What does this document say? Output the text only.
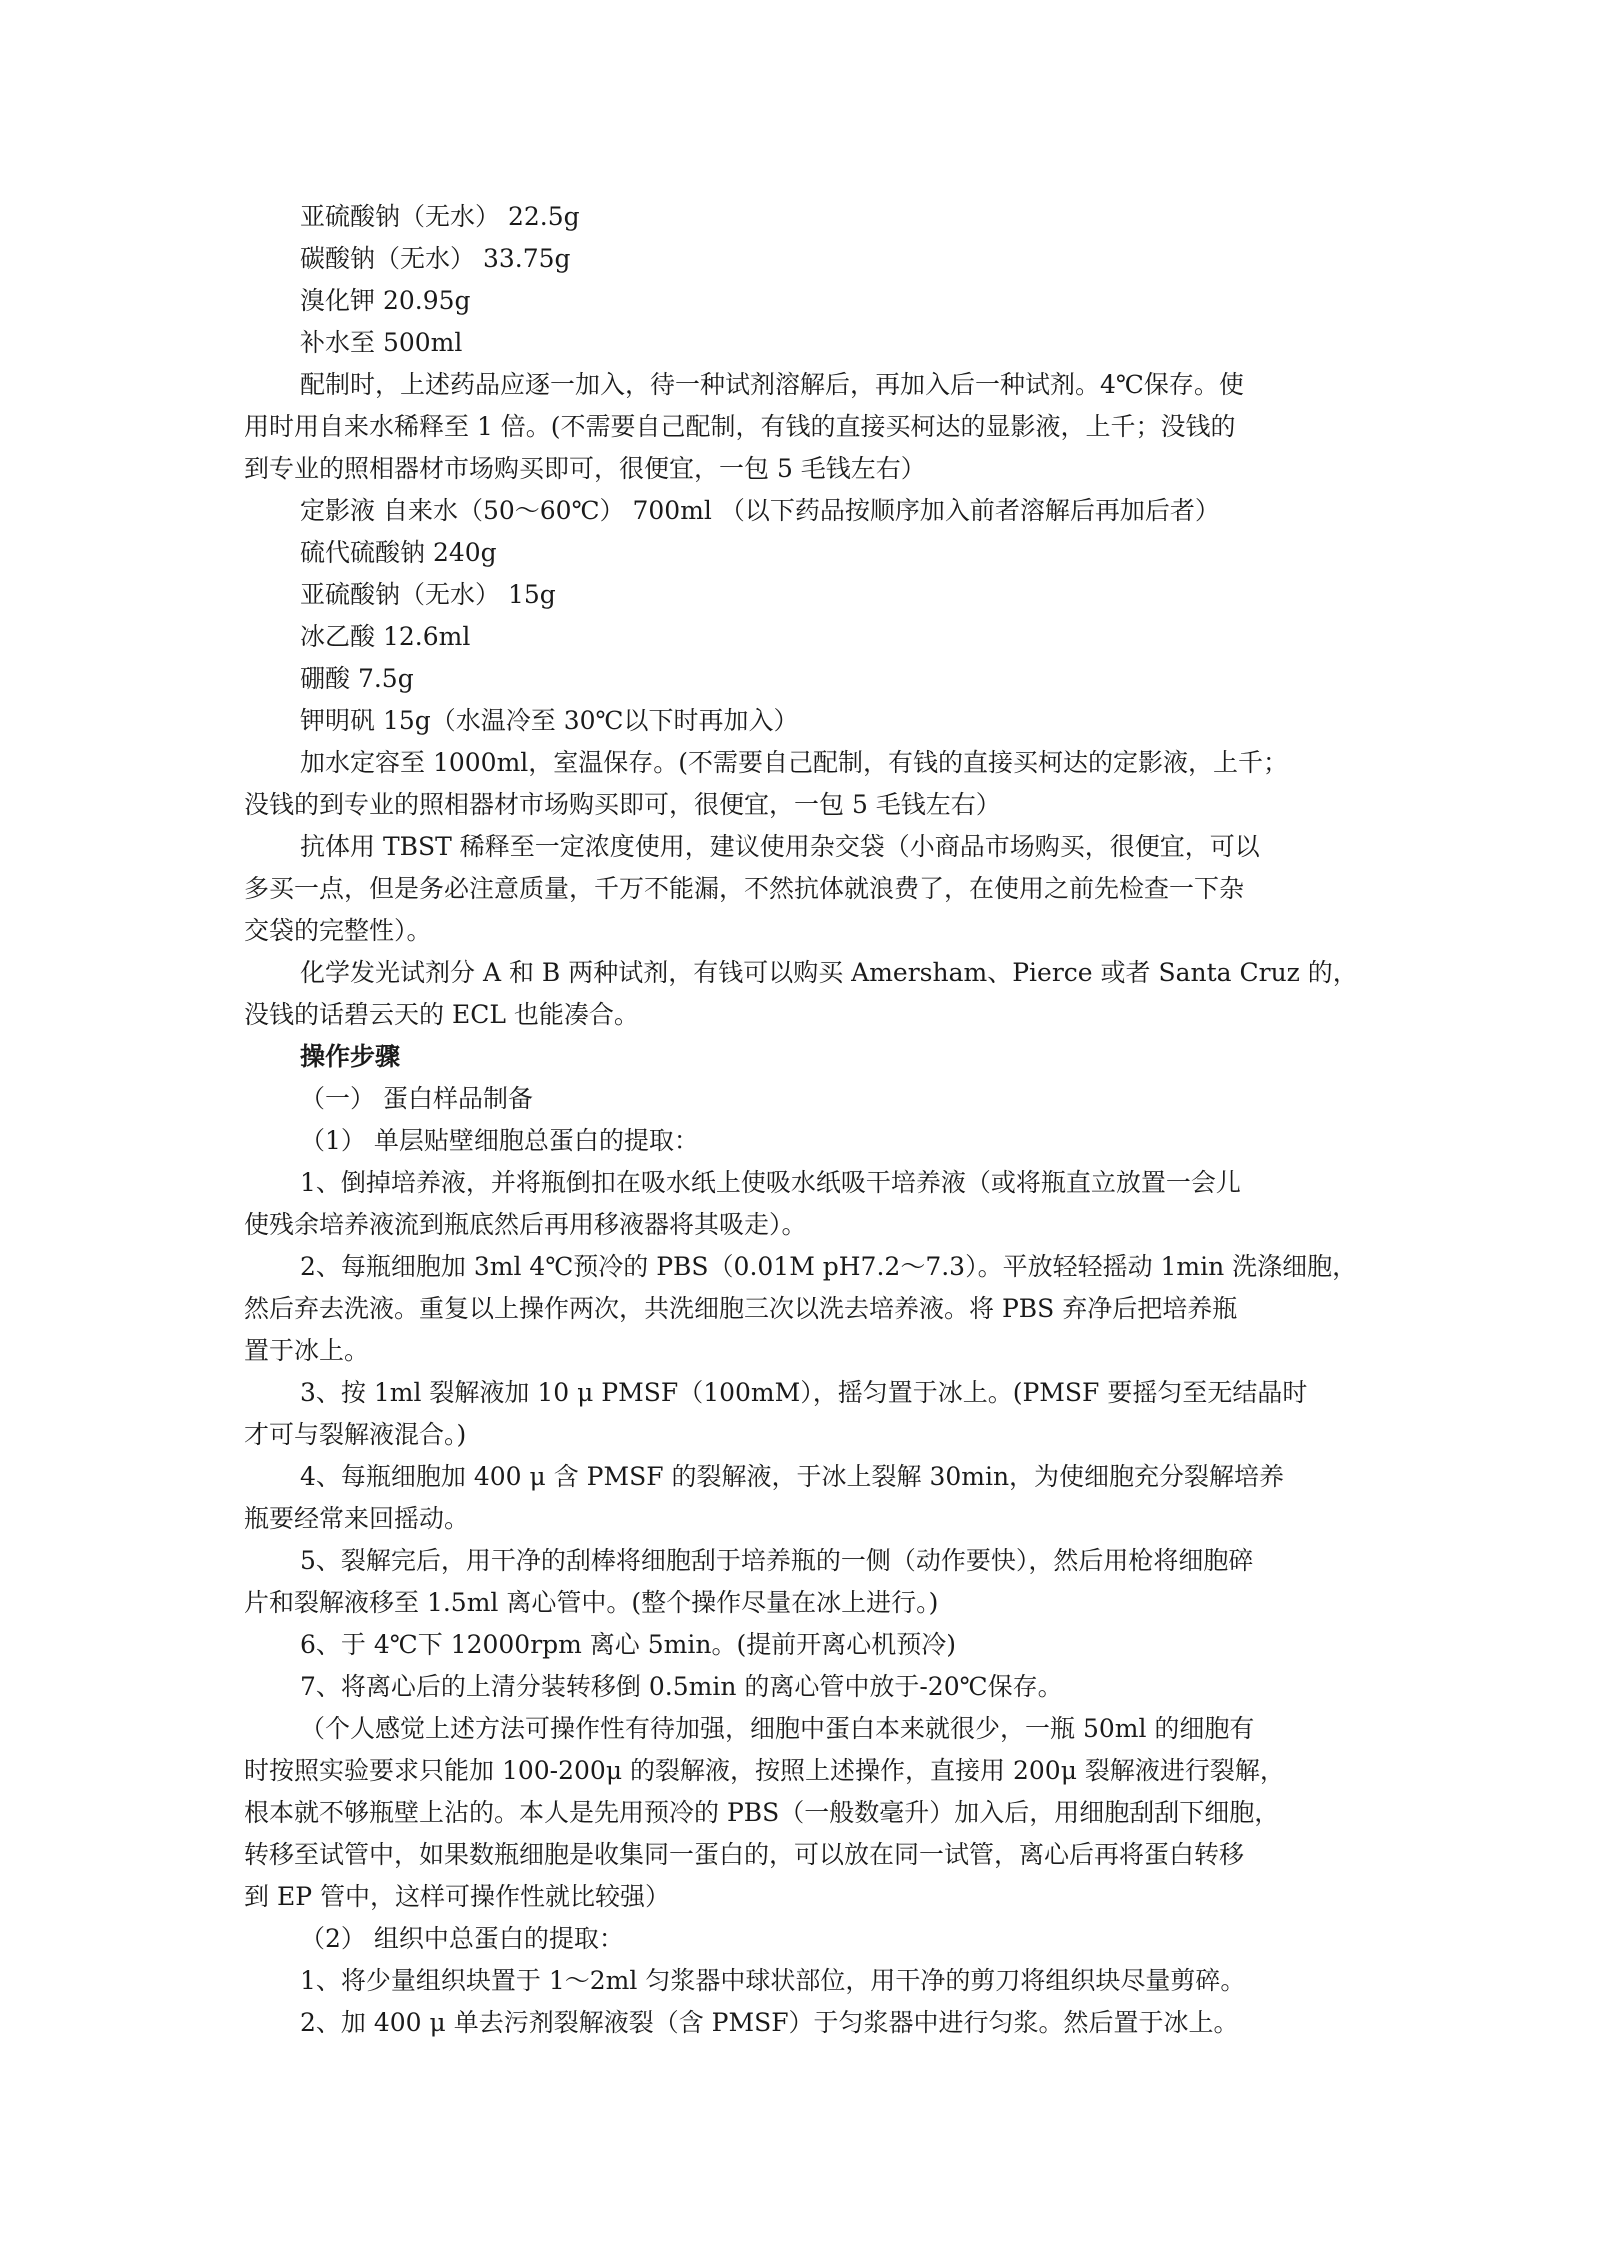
亚硫酸钠（无水） 22.5g
碳酸钠（无水） 33.75g
溴化钾 20.95g
补水至 500ml
配制时，上述药品应逐一加入，待一种试剂溶解后，再加入后一种试剂。4℃保存。使
用时用自来水稀释至 1 倍。(不需要自己配制，有钱的直接买柯达的显影液，上千；没钱的
到专业的照相器材市场购买即可，很便宜，一包 5 毛钱左右）
定影液 自来水（50～60℃） 700ml （以下药品按顺序加入前者溶解后再加后者）
硫代硫酸钠 240g
亚硫酸钠（无水） 15g
冰乙酸 12.6ml
硼酸 7.5g
钾明矾 15g（水温冷至 30℃以下时再加入）
加水定容至 1000ml，室温保存。(不需要自己配制，有钱的直接买柯达的定影液，上千；
没钱的到专业的照相器材市场购买即可，很便宜，一包 5 毛钱左右）
抗体用 TBST 稀释至一定浓度使用，建议使用杂交袋（小商品市场购买，很便宜，可以
多买一点，但是务必注意质量，千万不能漏，不然抗体就浪费了，在使用之前先检查一下杂
交袋的完整性）。
化学发光试剂分 A 和 B 两种试剂，有钱可以购买 Amersham、Pierce 或者 Santa Cruz 的，
没钱的话碧云天的 ECL 也能凑合。
操作步骤
（一） 蛋白样品制备
（1） 单层贴壁细胞总蛋白的提取：
1、倒掉培养液，并将瓶倒扣在吸水纸上使吸水纸吸干培养液（或将瓶直立放置一会儿
使残余培养液流到瓶底然后再用移液器将其吸走）。
2、每瓶细胞加 3ml 4℃预冷的 PBS（0.01M pH7.2～7.3）。平放轻轻摇动 1min 洗涤细胞，
然后弃去洗液。重复以上操作两次，共洗细胞三次以洗去培养液。将 PBS 弃净后把培养瓶
置于冰上。
3、按 1ml 裂解液加 10 μ PMSF（100mM），摇匀置于冰上。(PMSF 要摇匀至无结晶时
才可与裂解液混合。)
4、每瓶细胞加 400 μ 含 PMSF 的裂解液，于冰上裂解 30min，为使细胞充分裂解培养
瓶要经常来回摇动。
5、裂解完后，用干净的刮棒将细胞刮于培养瓶的一侧（动作要快），然后用枪将细胞碎
片和裂解液移至 1.5ml 离心管中。(整个操作尽量在冰上进行。)
6、于 4℃下 12000rpm 离心 5min。(提前开离心机预冷)
7、将离心后的上清分装转移倒 0.5min 的离心管中放于-20℃保存。
（个人感觉上述方法可操作性有待加强，细胞中蛋白本来就很少，一瓶 50ml 的细胞有
时按照实验要求只能加 100-200μ 的裂解液，按照上述操作，直接用 200μ 裂解液进行裂解，
根本就不够瓶壁上沾的。本人是先用预冷的 PBS（一般数毫升）加入后，用细胞刮刮下细胞，
转移至试管中，如果数瓶细胞是收集同一蛋白的，可以放在同一试管，离心后再将蛋白转移
到 EP 管中，这样可操作性就比较强）
（2） 组织中总蛋白的提取：
1、将少量组织块置于 1～2ml 匀浆器中球状部位，用干净的剪刀将组织块尽量剪碎。
2、加 400 μ 单去污剂裂解液裂（含 PMSF）于匀浆器中进行匀浆。然后置于冰上。
